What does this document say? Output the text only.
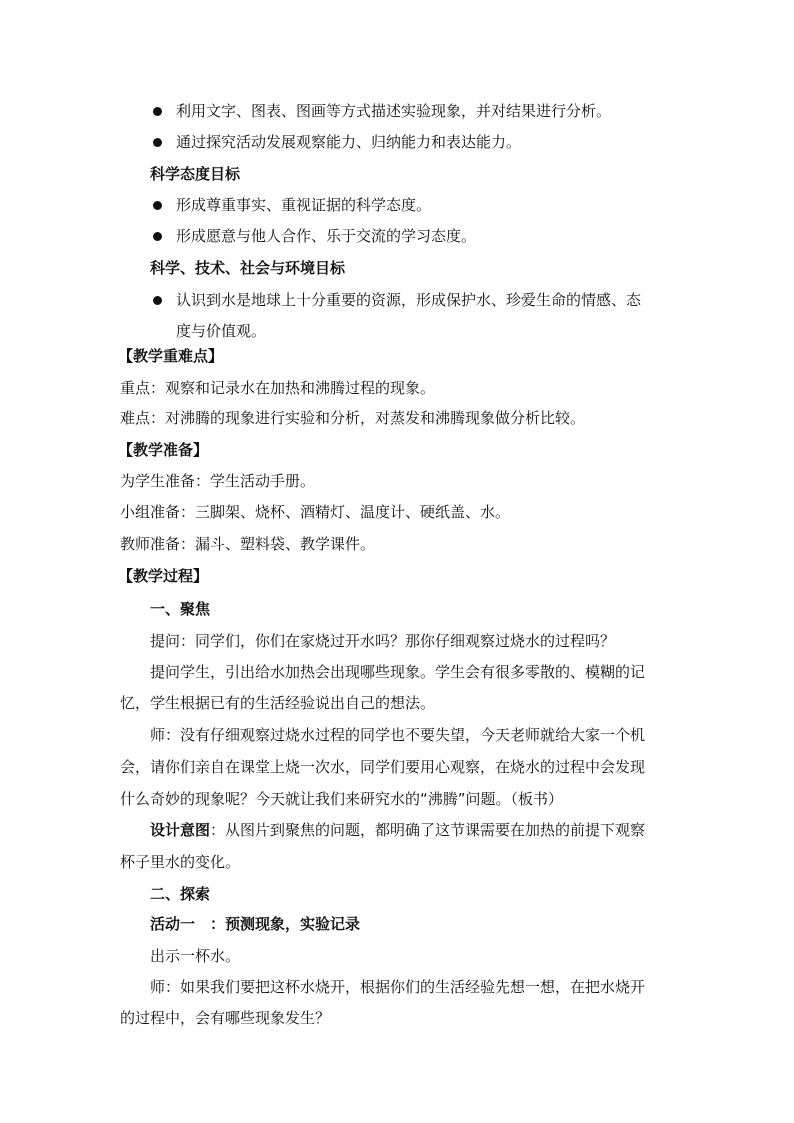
利用文字、图表、图画等方式描述实验现象，并对结果进行分析。
通过探究活动发展观察能力、归纳能力和表达能力。
科学态度目标
形成尊重事实、重视证据的科学态度。
形成愿意与他人合作、乐于交流的学习态度。
科学、技术、社会与环境目标
认识到水是地球上十分重要的资源，形成保护水、珍爱生命的情感、态
度与价值观。
【教学重难点】
重点：观察和记录水在加热和沸腾过程的现象。
难点：对沸腾的现象进行实验和分析，对蒸发和沸腾现象做分析比较。
【教学准备】
为学生准备：学生活动手册。
小组准备：三脚架、烧杯、酒精灯、温度计、硬纸盖、水。
教师准备：漏斗、塑料袋、教学课件。
【教学过程】
一、聚焦
提问：同学们，你们在家烧过开水吗？那你仔细观察过烧水的过程吗？
提问学生，引出给水加热会出现哪些现象。学生会有很多零散的、模糊的记
忆，学生根据已有的生活经验说出自己的想法。
师：没有仔细观察过烧水过程的同学也不要失望，今天老师就给大家一个机
会，请你们亲自在课堂上烧一次水，同学们要用心观察，在烧水的过程中会发现
什么奇妙的现象呢？今天就让我们来研究水的“沸腾”问题。（板书）
设计意图：从图片到聚焦的问题，都明确了这节课需要在加热的前提下观察
杯子里水的变化。
二、探索
活动一　：预测现象，实验记录
出示一杯水。
师：如果我们要把这杯水烧开，根据你们的生活经验先想一想，在把水烧开
的过程中，会有哪些现象发生？
